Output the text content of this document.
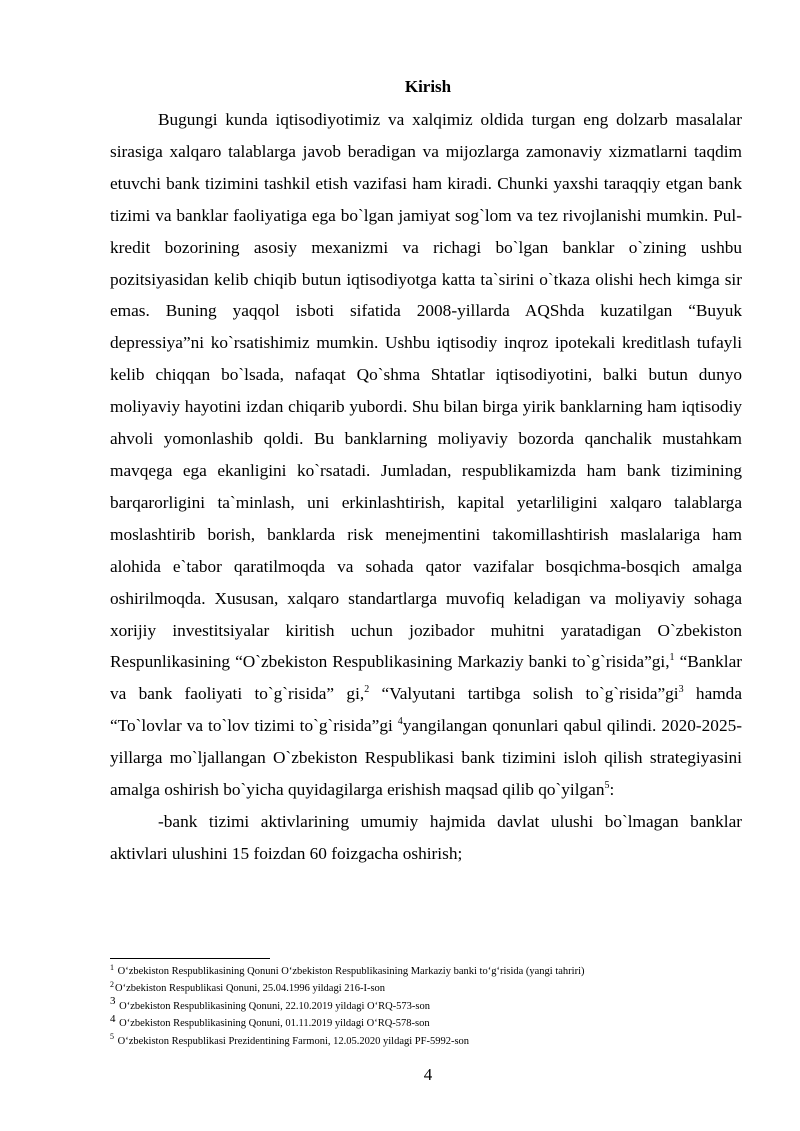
Kirish

Bugungi kunda iqtisodiyotimiz va xalqimiz oldida turgan eng dolzarb masalalar sirasiga xalqaro talablarga javob beradigan va mijozlarga zamonaviy xizmatlarni taqdim etuvchi bank tizimini tashkil etish vazifasi ham kiradi. Chunki yaxshi taraqqiy etgan bank tizimi va banklar faoliyatiga ega bo`lgan jamiyat sog`lom va tez rivojlanishi mumkin. Pul-kredit bozorining asosiy mexanizmi va richagi bo`lgan banklar o`zining ushbu pozitsiyasidan kelib chiqib butun iqtisodiyotga katta ta`sirini o`tkaza olishi hech kimga sir emas. Buning yaqqol isboti sifatida 2008-yillarda AQShda kuzatilgan “Buyuk depressiya”ni ko`rsatishimiz mumkin. Ushbu iqtisodiy inqroz ipotekali kreditlash tufayli kelib chiqqan bo`lsada, nafaqat Qo`shma Shtatlar iqtisodiyotini, balki butun dunyo moliyaviy hayotini izdan chiqarib yubordi. Shu bilan birga yirik banklarning ham iqtisodiy ahvoli yomonlashib qoldi. Bu banklarning moliyaviy bozorda qanchalik mustahkam mavqega ega ekanligini ko`rsatadi. Jumladan, respublikamizda ham bank tizimining barqarorligini ta`minlash, uni erkinlashtirish, kapital yetarliligini xalqaro talablarga moslashtirib borish, banklarda risk menejmentini takomillashtirish maslalariga ham alohida e`tabor qaratilmoqda va sohada qator vazifalar bosqichma-bosqich amalga oshirilmoqda. Xususan, xalqaro standartlarga muvofiq keladigan va moliyaviy sohaga xorijiy investitsiyalar kiritish uchun jozibador muhitni yaratadigan O`zbekiston Respunlikasining “O`zbekiston Respublikasining Markaziy banki to`g`risida”gi,$^1$ “Banklar va bank faoliyati to`g`risida” gi,$^2$ “Valyutani tartibga solish $to`g`risida”gi^3$ hamda “To`lovlar va to`lov tizimi to`g`risida”gi $^4$yangilangan qonunlari qabul qilindi. 2020-2025-yillarga mo`ljallangan O`zbekiston Respublikasi bank tizimini isloh qilish strategiyasini amalga oshirish bo`yicha quyidagilarga erishish maqsad qilib qo`yilgan$^5$:

-bank tizimi aktivlarining umumiy hajmida davlat ulushi bo`lmagan banklar aktivlari ulushini 15 foizdan 60 foizgacha oshirish;

$^1$ O‘zbekiston Respublikasining Qonuni O‘zbekiston Respublikasining Markaziy banki to‘g‘risida (yangi tahriri)
$^2$O‘zbekiston Respublikasi Qonuni, 25.04.1996 yildagi 216-I-son
$^3$ O‘zbekiston Respublikasining Qonuni, 22.10.2019 yildagi O‘RQ-573-son
$^4$ O‘zbekiston Respublikasining Qonuni, 01.11.2019 yildagi O‘RQ-578-son
$^5$ O‘zbekiston Respublikasi Prezidentining Farmoni, 12.05.2020 yildagi PF-5992-son
4
